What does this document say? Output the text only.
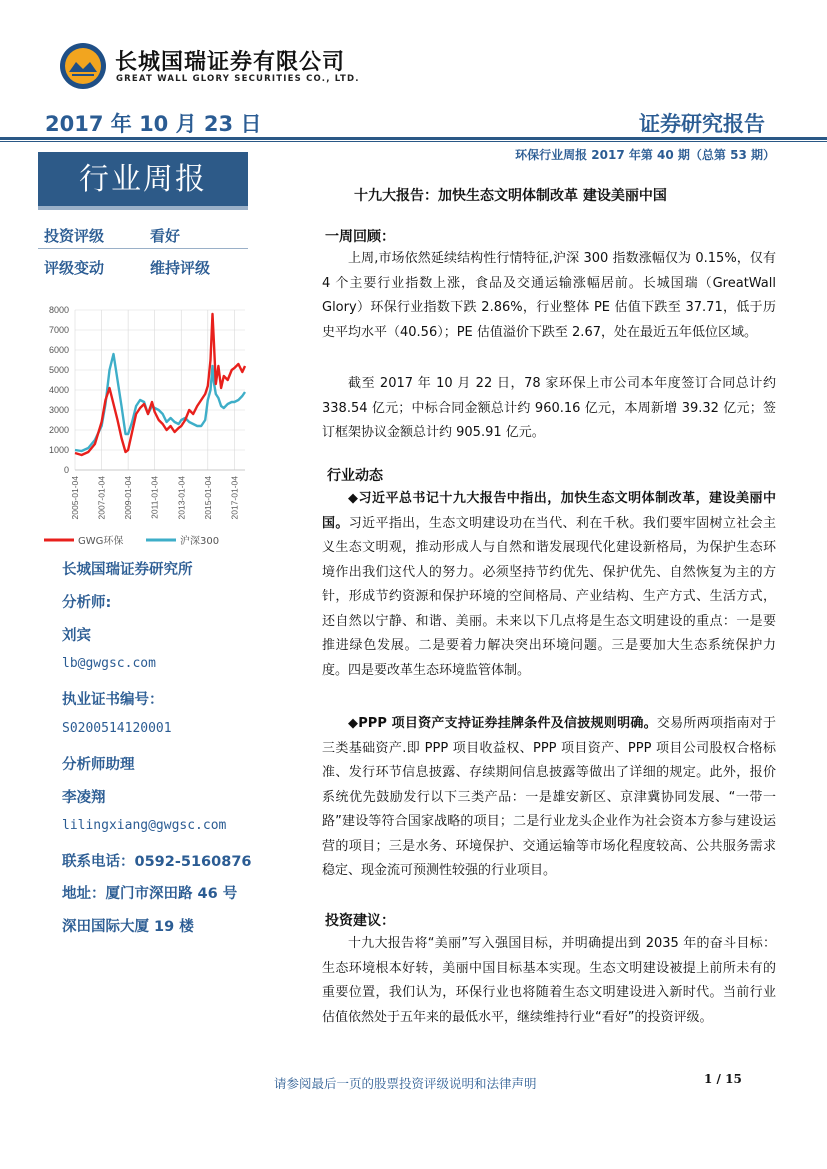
长城国瑞证券有限公司
GREAT WALL GLORY SECURITIES CO., LTD.
2017 年 10 月 23 日	证券研究报告
环保行业周报 2017 年第 40 期（总第 53 期）
行业周报	十九大报告：加快生态文明体制改革 建设美丽中国
投资评级	看好
评级变动	维持评级
0
1000
2000
3000
4000
5000
6000
7000
8000
2005-01-04 2007-01-04 2009-01-04 2011-01-04 2013-01-04 2015-01-04 2017-01-04
GWG环保	沪深300
长城国瑞证券研究所
分析师:
刘宾
lb@gwgsc.com
执业证书编号：
S0200514120001
分析师助理
李凌翔
lilingxiang@gwgsc.com
联系电话：0592-5160876
地址：厦门市深田路 46 号
深田国际大厦 19 楼
一周回顾：

上周,市场依然延续结构性行情特征,沪深 300 指数涨幅仅为 0.15%，仅有 4 个主要行业指数上涨，食品及交通运输涨幅居前。长城国瑞（GreatWall Glory）环保行业指数下跌 2.86%，行业整体 PE 估值下跌至 37.71，低于历史平均水平（40.56）；PE 估值溢价下跌至 2.67，处在最近五年低位区域。

截至 2017 年 10 月 22 日，78 家环保上市公司本年度签订合同总计约 338.54 亿元；中标合同金额总计约 960.16 亿元，本周新增 39.32 亿元；签订框架协议金额总计约 905.91 亿元。

行业动态

◆习近平总书记十九大报告中指出，加快生态文明体制改革，建设美丽中国。习近平指出，生态文明建设功在当代、利在千秋。我们要牢固树立社会主义生态文明观，推动形成人与自然和谐发展现代化建设新格局，为保护生态环境作出我们这代人的努力。必须坚持节约优先、保护优先、自然恢复为主的方针，形成节约资源和保护环境的空间格局、产业结构、生产方式、生活方式，还自然以宁静、和谐、美丽。未来以下几点将是生态文明建设的重点：一是要推进绿色发展。二是要着力解决突出环境问题。三是要加大生态系统保护力度。四是要改革生态环境监管体制。

◆PPP 项目资产支持证券挂牌条件及信披规则明确。交易所两项指南对于三类基础资产.即 PPP 项目收益权、PPP 项目资产、PPP 项目公司股权合格标准、发行环节信息披露、存续期间信息披露等做出了详细的规定。此外，报价系统优先鼓励发行以下三类产品：一是雄安新区、京津冀协同发展、“一带一路”建设等符合国家战略的项目；二是行业龙头企业作为社会资本方参与建设运营的项目；三是水务、环境保护、交通运输等市场化程度较高、公共服务需求稳定、现金流可预测性较强的行业项目。

投资建议：

十九大报告将“美丽”写入强国目标，并明确提出到 2035 年的奋斗目标：生态环境根本好转，美丽中国目标基本实现。生态文明建设被提上前所未有的重要位置，我们认为，环保行业也将随着生态文明建设进入新时代。当前行业估值依然处于五年来的最低水平，继续维持行业“看好”的投资评级。

请参阅最后一页的股票投资评级说明和法律声明	1 / 15
